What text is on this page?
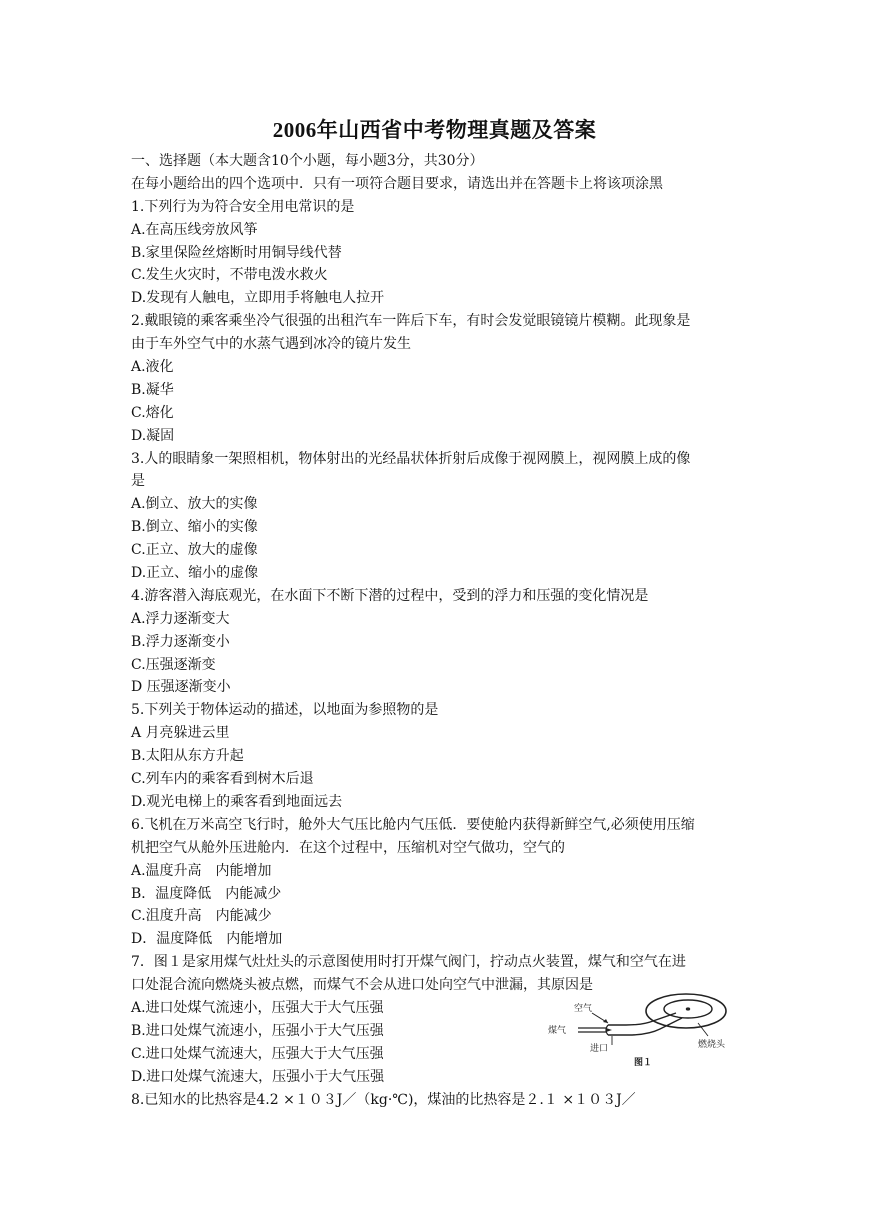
2006年山西省中考物理真题及答案
一、选择题（本大题含10个小题，每小题3分，共30分）
在每小题给出的四个选项中．只有一项符合题目要求，请选出并在答题卡上将该项涂黑
1.下列行为为符合安全用电常识的是
A.在高压线旁放风筝
B.家里保险丝熔断时用铜导线代替
C.发生火灾时，不带电泼水救火
D.发现有人触电，立即用手将触电人拉开
2.戴眼镜的乘客乘坐冷气很强的出租汽车一阵后下车，有时会发觉眼镜镜片模糊。此现象是
由于车外空气中的水蒸气遇到冰冷的镜片发生
A.液化
B.凝华
C.熔化
D.凝固
3.人的眼睛象一架照相机，物体射出的光经晶状体折射后成像于视网膜上，视网膜上成的像
是
A.倒立、放大的实像
B.倒立、缩小的实像
C.正立、放大的虚像
D.正立、缩小的虚像
4.游客潜入海底观光，在水面下不断下潜的过程中，受到的浮力和压强的变化情况是
A.浮力逐渐变大
B.浮力逐渐变小
C.压强逐渐变
D 压强逐渐变小
5.下列关于物体运动的描述，以地面为参照物的是
A 月亮躲进云里
B.太阳从东方升起
C.列车内的乘客看到树木后退
D.观光电梯上的乘客看到地面远去
6.飞机在万米高空飞行时，舱外大气压比舱内气压低．要使舱内获得新鲜空气,必须使用压缩
机把空气从舱外压进舱内．在这个过程中，压缩机对空气做功，空气的
A.温度升高　内能增加
B．温度降低　内能减少
C.沮度升高　内能减少
D．温度降低　内能增加
7．图１是家用煤气灶灶头的示意图使用时打开煤气阀门，拧动点火装置，煤气和空气在进
口处混合流向燃烧头被点燃，而煤气不会从进口处向空气中泄漏，其原因是
A.进口处煤气流速小，压强大于大气压强
B.进口处煤气流速小，压强小于大气压强
C.进口处煤气流速大，压强大于大气压强
D.进口处煤气流速大，压强小于大气压强
空气
煤气
进口	燃烧头
图１
8.已知水的比热容是4.2 ×１０３J／（kg·℃)，煤油的比热容是２.１ ×１０３J／
